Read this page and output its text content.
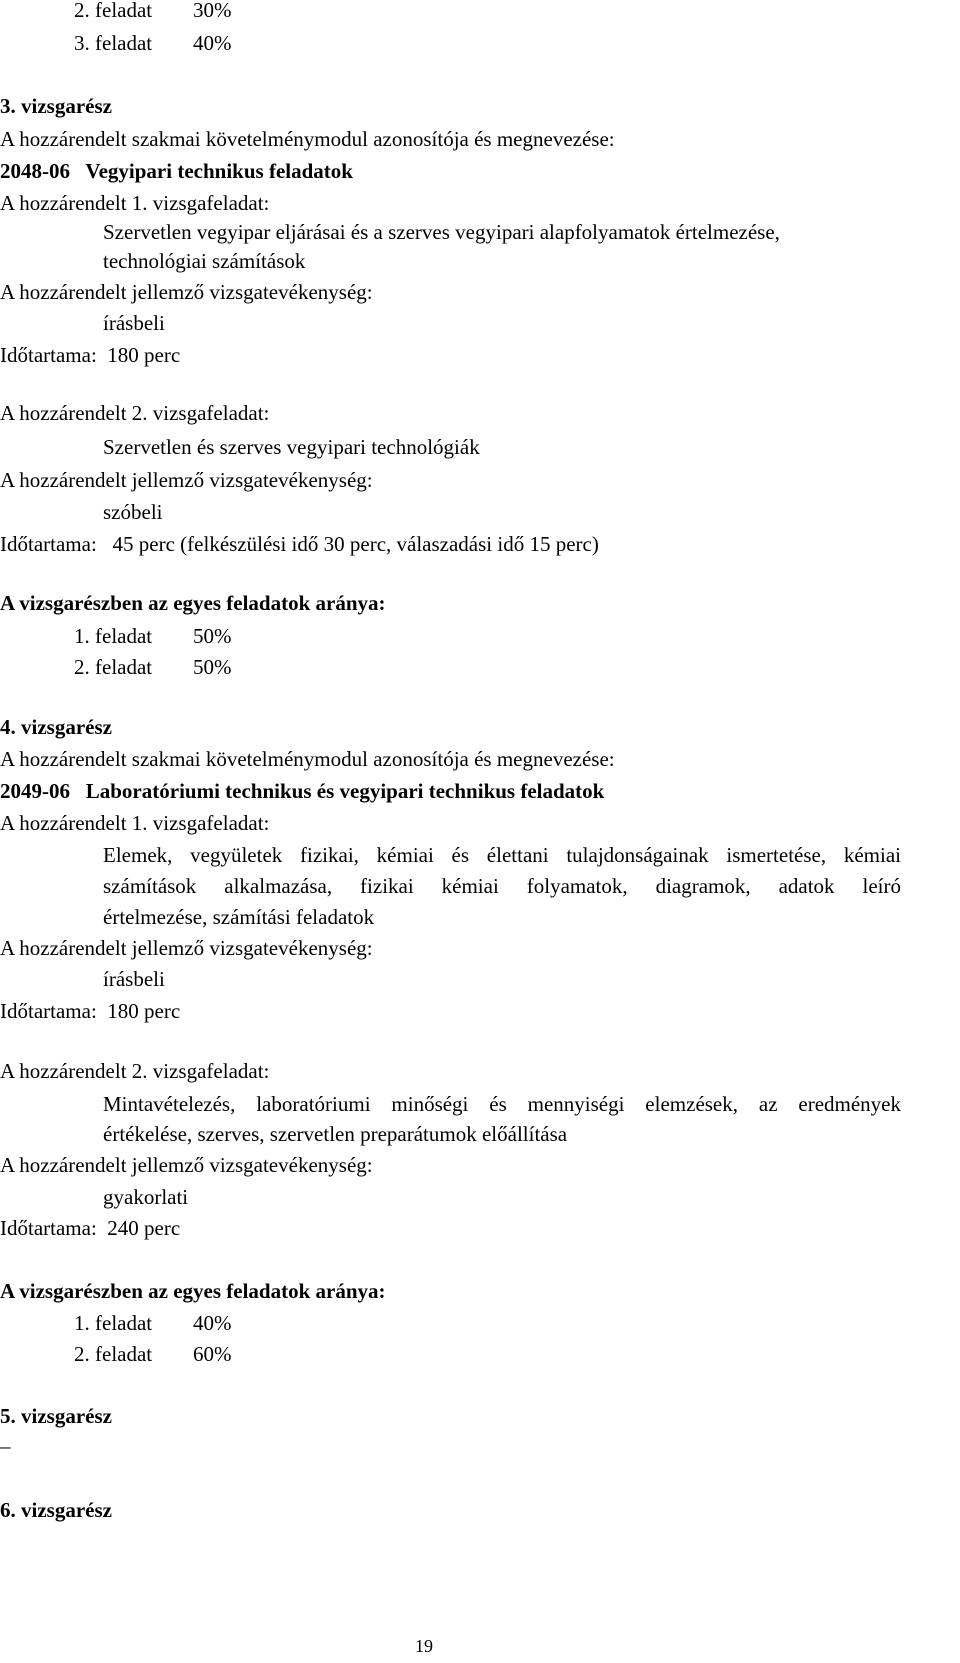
2. feladat 30%
3. feladat 40%
3. vizsgarész
A hozzárendelt szakmai követelménymodul azonosítója és megnevezése:
2048-06   Vegyipari technikus feladatok
A hozzárendelt 1. vizsgafeladat:
Szervetlen vegyipar eljárásai és a szerves vegyipari alapfolyamatok értelmezése,
technológiai számítások
A hozzárendelt jellemző vizsgatevékenység:
írásbeli
Időtartama:  180 perc
A hozzárendelt 2. vizsgafeladat:
Szervetlen és szerves vegyipari technológiák
A hozzárendelt jellemző vizsgatevékenység:
szóbeli
Időtartama:   45 perc (felkészülési idő 30 perc, válaszadási idő 15 perc)
A vizsgarészben az egyes feladatok aránya:
1. feladat 50%
2. feladat 50%
4. vizsgarész
A hozzárendelt szakmai követelménymodul azonosítója és megnevezése:
2049-06   Laboratóriumi technikus és vegyipari technikus feladatok
A hozzárendelt 1. vizsgafeladat:
Elemek, vegyületek fizikai, kémiai és élettani tulajdonságainak ismertetése, kémiai
számítások alkalmazása, fizikai kémiai folyamatok, diagramok, adatok leíró
értelmezése, számítási feladatok
A hozzárendelt jellemző vizsgatevékenység:
írásbeli
Időtartama:  180 perc
A hozzárendelt 2. vizsgafeladat:
Mintavételezés, laboratóriumi minőségi és mennyiségi elemzések, az eredmények
értékelése, szerves, szervetlen preparátumok előállítása
A hozzárendelt jellemző vizsgatevékenység:
gyakorlati
Időtartama:  240 perc
A vizsgarészben az egyes feladatok aránya:
1. feladat 40%
2. feladat 60%
5. vizsgarész
–
6. vizsgarész
19
